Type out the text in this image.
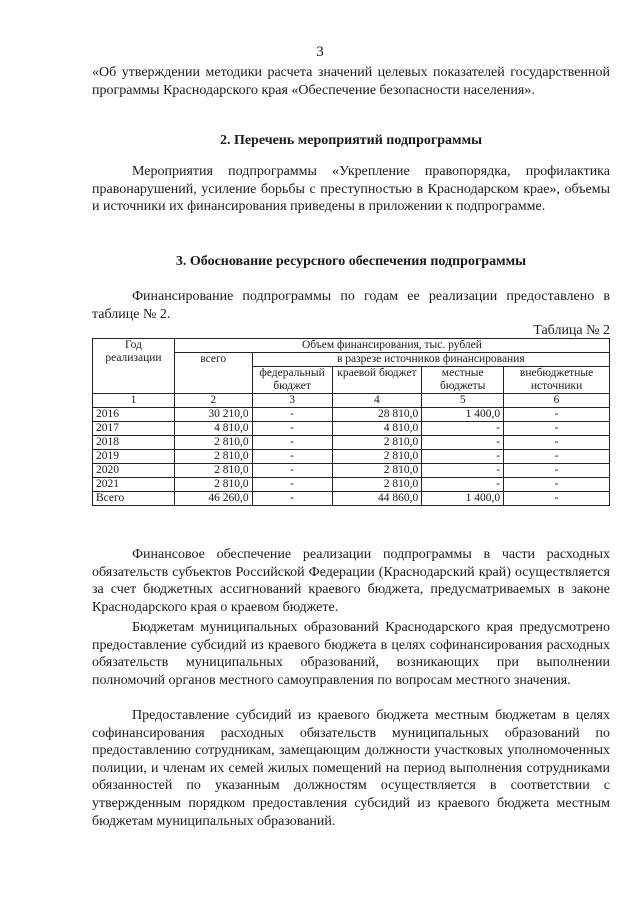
3

«Об утверждении методики расчета значений целевых показателей государственной программы Краснодарского края «Обеспечение безопасности населения».

2. Перечень мероприятий подпрограммы

Мероприятия подпрограммы «Укрепление правопорядка, профилактика правонарушений, усиление борьбы с преступностью в Краснодарском крае», объемы и источники их финансирования приведены в приложении к подпрограмме.

3. Обоснование ресурсного обеспечения подпрограммы

Финансирование подпрограммы по годам ее реализации предоставлено в таблице № 2.

Таблица № 2
Год реализации	Объем финансирования, тыс. рублей				
	всего	в разрезе источников финансирования			
		федеральный бюджет	краевой бюджет	местные бюджеты	внебюджетные источники
1	2	3	4	5	6
2016	30 210,0	-	28 810,0	1 400,0	-
2017	4 810,0	-	4 810,0	-	-
2018	2 810,0	-	2 810,0	-	-
2019	2 810,0	-	2 810,0	-	-
2020	2 810,0	-	2 810,0	-	-
2021	2 810,0	-	2 810,0	-	-
Всего	46 260,0	-	44 860,0	1 400,0	-

Финансовое обеспечение реализации подпрограммы в части расходных обязательств субъектов Российской Федерации (Краснодарский край) осуществляется за счет бюджетных ассигнований краевого бюджета, предусматриваемых в законе Краснодарского края о краевом бюджете.

Бюджетам муниципальных образований Краснодарского края предусмотрено предоставление субсидий из краевого бюджета в целях софинансирования расходных обязательств муниципальных образований, возникающих при выполнении полномочий органов местного самоуправления по вопросам местного значения.

Предоставление субсидий из краевого бюджета местным бюджетам в целях софинансирования расходных обязательств муниципальных образований по предоставлению сотрудникам, замещающим должности участковых уполномоченных полиции, и членам их семей жилых помещений на период выполнения сотрудниками обязанностей по указанным должностям осуществляется в соответствии с утвержденным порядком предоставления субсидий из краевого бюджета местным бюджетам муниципальных образований.
